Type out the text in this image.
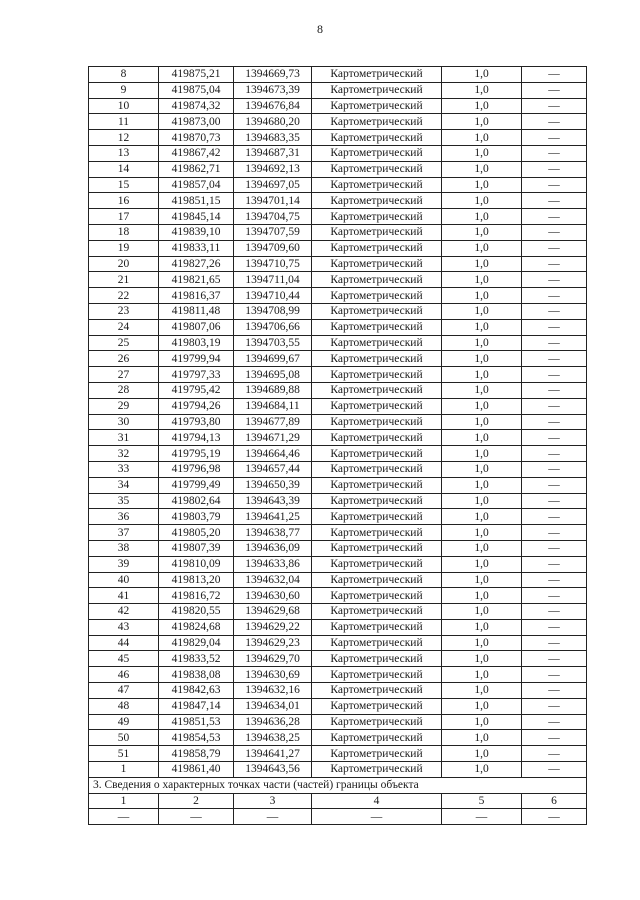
8
8	419875,21	1394669,73	Картометрический	1,0	—
9	419875,04	1394673,39	Картометрический	1,0	—
10	419874,32	1394676,84	Картометрический	1,0	—
11	419873,00	1394680,20	Картометрический	1,0	—
12	419870,73	1394683,35	Картометрический	1,0	—
13	419867,42	1394687,31	Картометрический	1,0	—
14	419862,71	1394692,13	Картометрический	1,0	—
15	419857,04	1394697,05	Картометрический	1,0	—
16	419851,15	1394701,14	Картометрический	1,0	—
17	419845,14	1394704,75	Картометрический	1,0	—
18	419839,10	1394707,59	Картометрический	1,0	—
19	419833,11	1394709,60	Картометрический	1,0	—
20	419827,26	1394710,75	Картометрический	1,0	—
21	419821,65	1394711,04	Картометрический	1,0	—
22	419816,37	1394710,44	Картометрический	1,0	—
23	419811,48	1394708,99	Картометрический	1,0	—
24	419807,06	1394706,66	Картометрический	1,0	—
25	419803,19	1394703,55	Картометрический	1,0	—
26	419799,94	1394699,67	Картометрический	1,0	—
27	419797,33	1394695,08	Картометрический	1,0	—
28	419795,42	1394689,88	Картометрический	1,0	—
29	419794,26	1394684,11	Картометрический	1,0	—
30	419793,80	1394677,89	Картометрический	1,0	—
31	419794,13	1394671,29	Картометрический	1,0	—
32	419795,19	1394664,46	Картометрический	1,0	—
33	419796,98	1394657,44	Картометрический	1,0	—
34	419799,49	1394650,39	Картометрический	1,0	—
35	419802,64	1394643,39	Картометрический	1,0	—
36	419803,79	1394641,25	Картометрический	1,0	—
37	419805,20	1394638,77	Картометрический	1,0	—
38	419807,39	1394636,09	Картометрический	1,0	—
39	419810,09	1394633,86	Картометрический	1,0	—
40	419813,20	1394632,04	Картометрический	1,0	—
41	419816,72	1394630,60	Картометрический	1,0	—
42	419820,55	1394629,68	Картометрический	1,0	—
43	419824,68	1394629,22	Картометрический	1,0	—
44	419829,04	1394629,23	Картометрический	1,0	—
45	419833,52	1394629,70	Картометрический	1,0	—
46	419838,08	1394630,69	Картометрический	1,0	—
47	419842,63	1394632,16	Картометрический	1,0	—
48	419847,14	1394634,01	Картометрический	1,0	—
49	419851,53	1394636,28	Картометрический	1,0	—
50	419854,53	1394638,25	Картометрический	1,0	—
51	419858,79	1394641,27	Картометрический	1,0	—
1	419861,40	1394643,56	Картометрический	1,0	—
3. Сведения о характерных точках части (частей) границы объекта					
1	2	3	4	5	6
—	—	—	—	—	—
